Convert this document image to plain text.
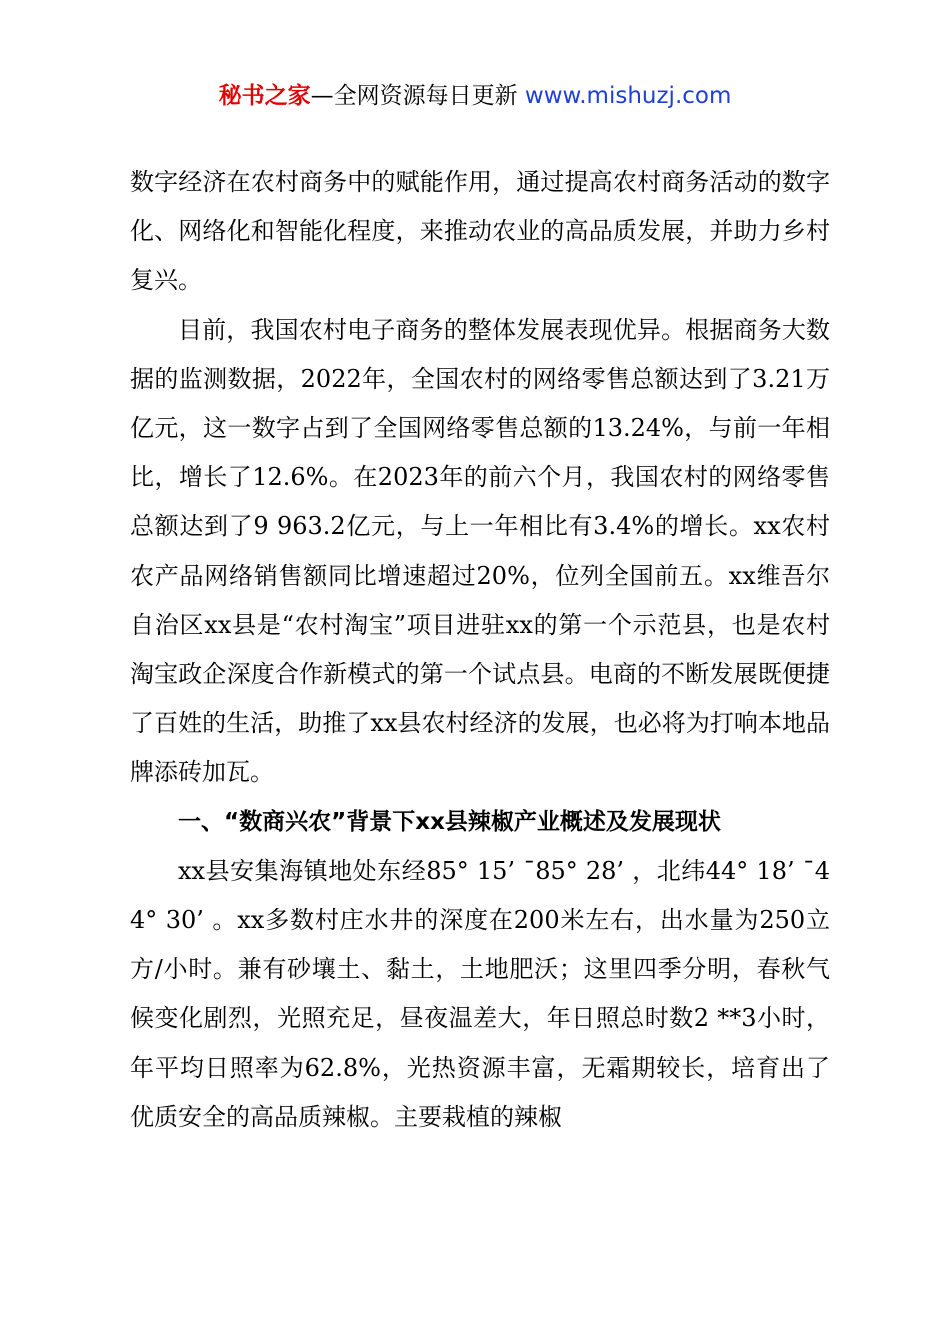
秘书之家—全网资源每日更新 www.mishuzj.com

数字经济在农村商务中的赋能作用，通过提高农村商务活动的数字化、网络化和智能化程度，来推动农业的高品质发展，并助力乡村复兴。

目前，我国农村电子商务的整体发展表现优异。根据商务大数据的监测数据，2022年，全国农村的网络零售总额达到了3.21万亿元，这一数字占到了全国网络零售总额的13.24%，与前一年相比，增长了12.6%。在2023年的前六个月，我国农村的网络零售总额达到了9 963.2亿元，与上一年相比有3.4%的增长。xx农村农产品网络销售额同比增速超过20%，位列全国前五。xx维吾尔自治区xx县是“农村淘宝”项目进驻xx的第一个示范县，也是农村淘宝政企深度合作新模式的第一个试点县。电商的不断发展既便捷了百姓的生活，助推了xx县农村经济的发展，也必将为打响本地品牌添砖加瓦。

一、“数商兴农”背景下xx县辣椒产业概述及发展现状

xx县安集海镇地处东经85° 15’ ¯85° 28’ ，北纬44° 18’ ¯44° 30’ 。xx多数村庄水井的深度在200米左右，出水量为250立方/小时。兼有砂壤土、黏土，土地肥沃；这里四季分明，春秋气候变化剧烈，光照充足，昼夜温差大，年日照总时数2 **3小时，年平均日照率为62.8%，光热资源丰富，无霜期较长，培育出了优质安全的高品质辣椒。主要栽植的辣椒
